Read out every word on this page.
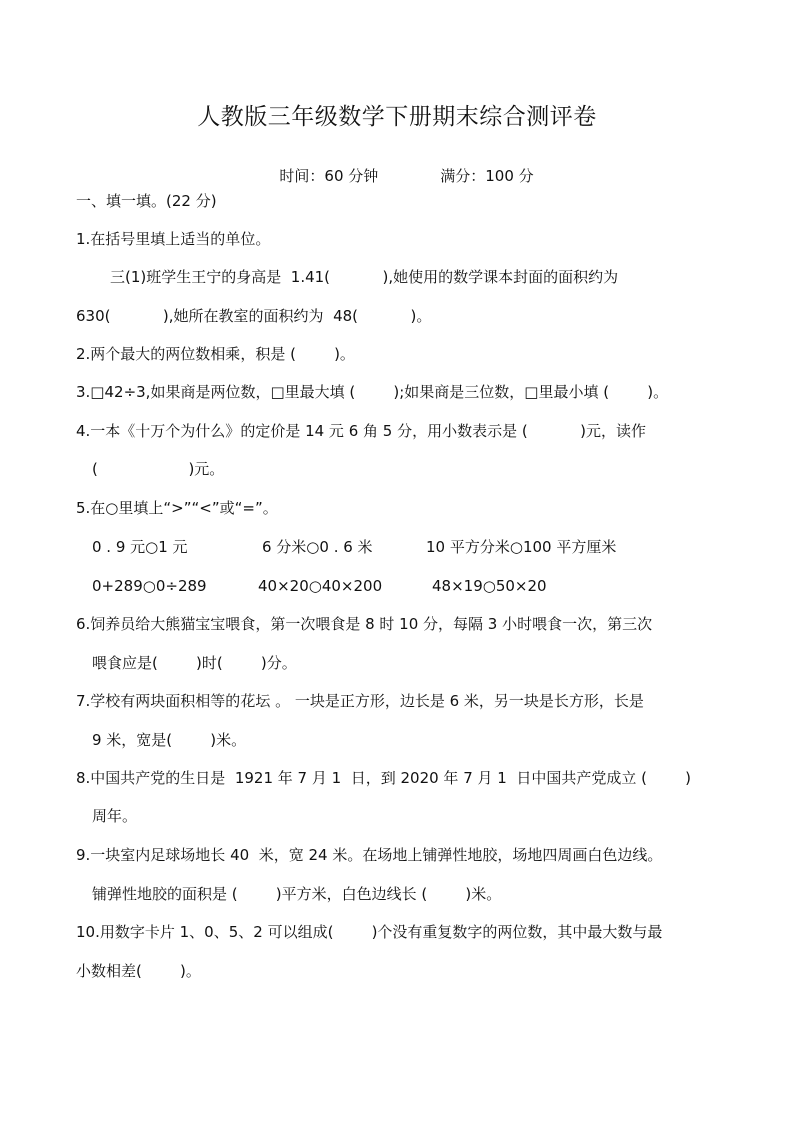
人教版三年级数学下册期末综合测评卷

时间：60 分钟	满分：100 分

一、填一填。(22 分)
1.在括号里填上适当的单位。
三(1)班学生王宁的身高是  1.41(           ),她使用的数学课本封面的面积约为
630(           ),她所在教室的面积约为  48(           )。
2.两个最大的两位数相乘，积是 (        )。
3.□42÷3,如果商是两位数，□里最大填 (        );如果商是三位数，□里最小填 (        )。
4.一本《十万个为什么》的定价是 14 元 6 角 5 分，用小数表示是 (           )元，读作
(                   )元。
5.在○里填上“>”“<”或“=”。
0 . 9 元○1 元	6 分米○0 . 6 米	10 平方分米○100 平方厘米
0+289○0÷289	40×20○40×200	48×19○50×20
6.饲养员给大熊猫宝宝喂食，第一次喂食是 8 时 10 分，每隔 3 小时喂食一次，第三次
喂食应是(        )时(        )分。
7.学校有两块面积相等的花坛 。 一块是正方形，边长是 6 米，另一块是长方形，长是
9 米，宽是(        )米。
8.中国共产党的生日是  1921 年 7 月 1  日，到 2020 年 7 月 1  日中国共产党成立 (        )
周年。
9.一块室内足球场地长 40  米，宽 24 米。在场地上铺弹性地胶，场地四周画白色边线。
铺弹性地胶的面积是 (        )平方米，白色边线长 (        )米。
10.用数字卡片 1、0、5、2 可以组成(        )个没有重复数字的两位数，其中最大数与最
小数相差(        )。
